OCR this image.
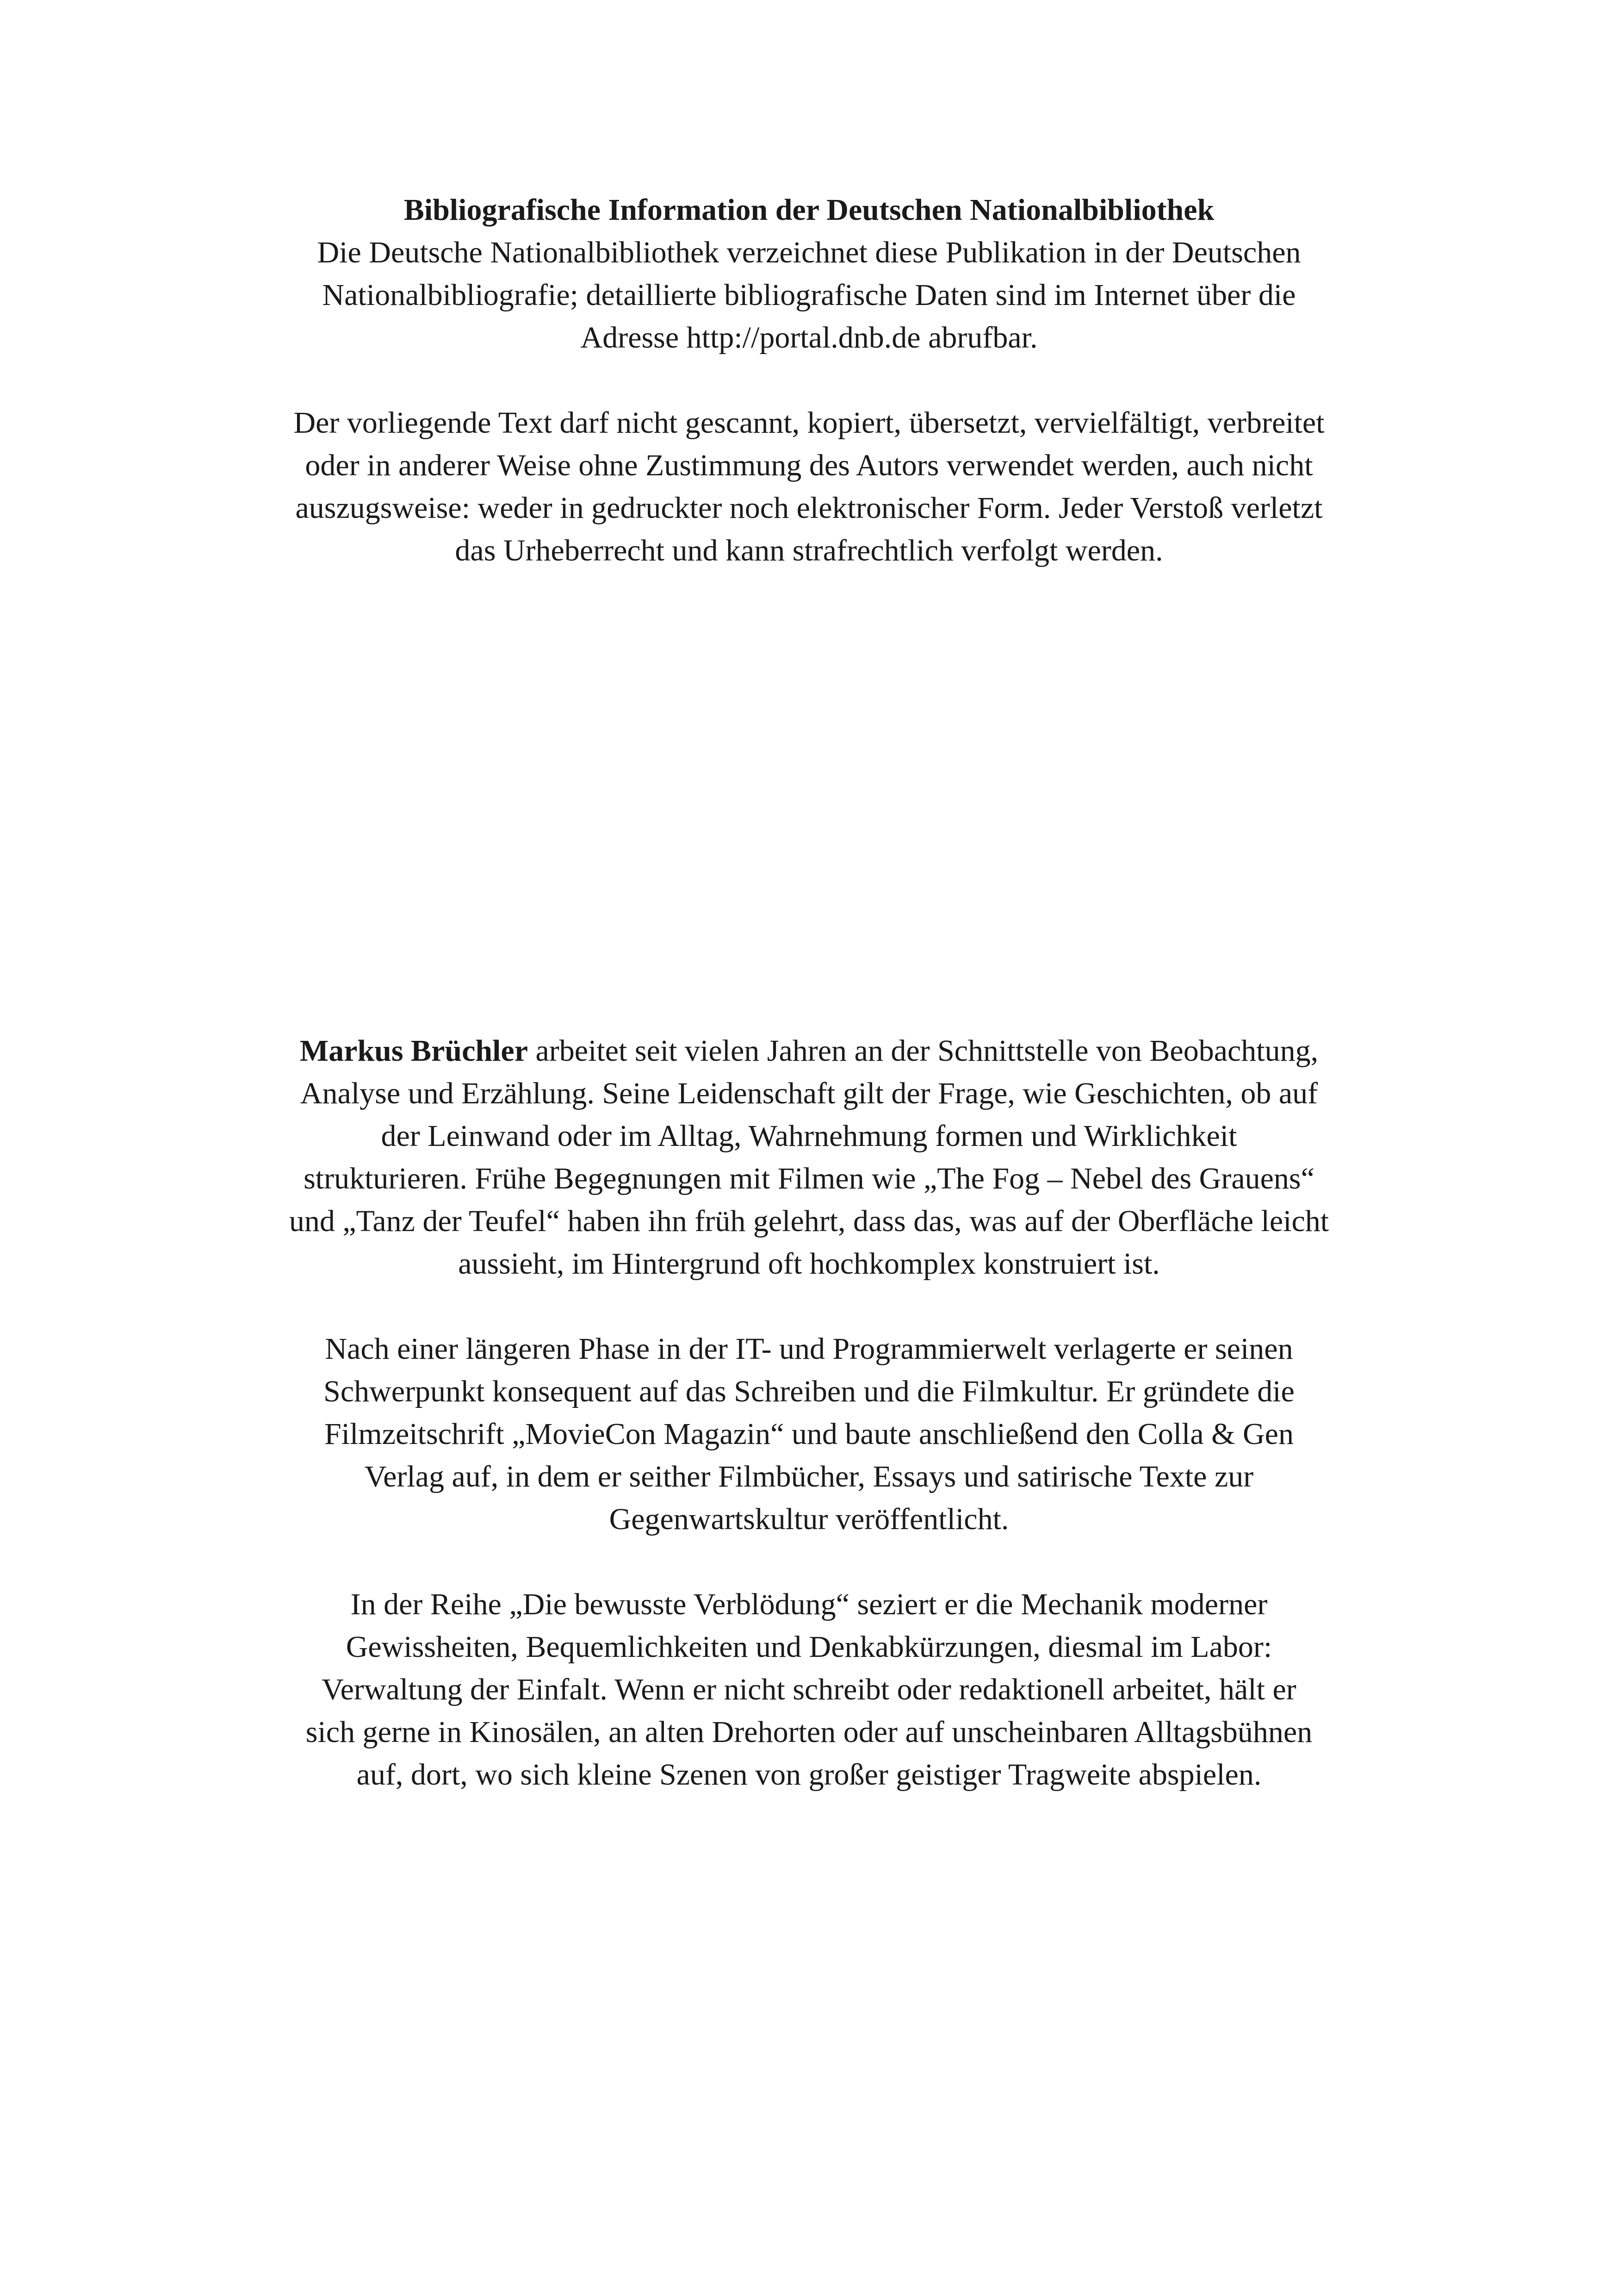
Bibliografische Information der Deutschen Nationalbibliothek

Die Deutsche Nationalbibliothek verzeichnet diese Publikation in der Deutschen

Nationalbibliografie; detaillierte bibliografische Daten sind im Internet über die

Adresse http://portal.dnb.de abrufbar.

Der vorliegende Text darf nicht gescannt, kopiert, übersetzt, vervielfältigt, verbreitet

oder in anderer Weise ohne Zustimmung des Autors verwendet werden, auch nicht

auszugsweise: weder in gedruckter noch elektronischer Form. Jeder Verstoß verletzt

das Urheberrecht und kann strafrechtlich verfolgt werden.

Markus Brüchler arbeitet seit vielen Jahren an der Schnittstelle von Beobachtung,

Analyse und Erzählung. Seine Leidenschaft gilt der Frage, wie Geschichten, ob auf

der Leinwand oder im Alltag, Wahrnehmung formen und Wirklichkeit

strukturieren. Frühe Begegnungen mit Filmen wie „The Fog – Nebel des Grauens“

und „Tanz der Teufel“ haben ihn früh gelehrt, dass das, was auf der Oberfläche leicht

aussieht, im Hintergrund oft hochkomplex konstruiert ist.

Nach einer längeren Phase in der IT- und Programmierwelt verlagerte er seinen

Schwerpunkt konsequent auf das Schreiben und die Filmkultur. Er gründete die

Filmzeitschrift „MovieCon Magazin“ und baute anschließend den Colla & Gen

Verlag auf, in dem er seither Filmbücher, Essays und satirische Texte zur

Gegenwartskultur veröffentlicht.

In der Reihe „Die bewusste Verblödung“ seziert er die Mechanik moderner

Gewissheiten, Bequemlichkeiten und Denkabkürzungen, diesmal im Labor:

Verwaltung der Einfalt. Wenn er nicht schreibt oder redaktionell arbeitet, hält er

sich gerne in Kinosälen, an alten Drehorten oder auf unscheinbaren Alltagsbühnen

auf, dort, wo sich kleine Szenen von großer geistiger Tragweite abspielen.
